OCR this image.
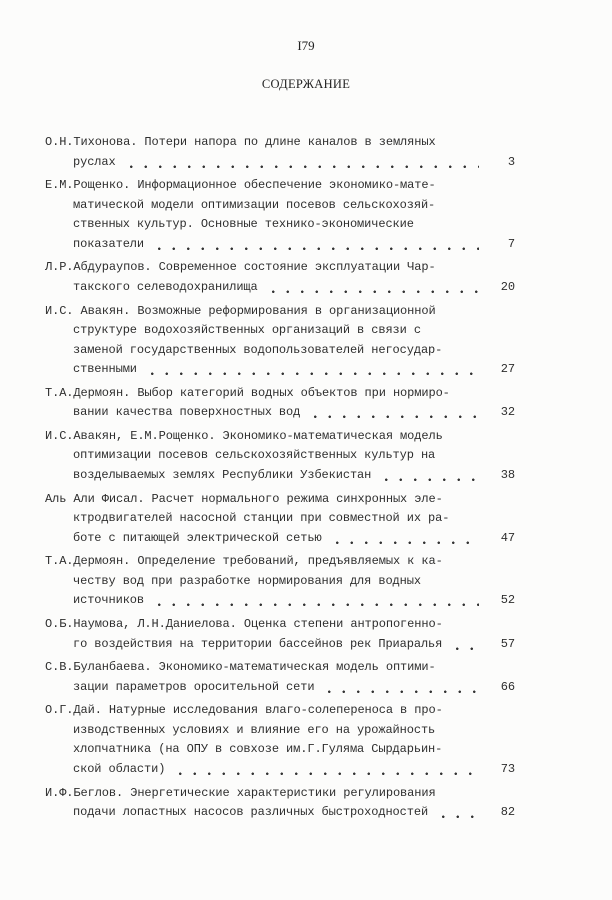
I79
СОДЕРЖАНИЕ
О.Н.Тихонова. Потери напора по длине каналов в земляных
руслах	3
Е.М.Рощенко. Информационное обеспечение экономико-мате-
матической модели оптимизации посевов сельскохозяй-
ственных культур. Основные технико-экономические
показатели	7
Л.Р.Абдураупов. Современное состояние эксплуатации Чар-
такского селеводохранилища	20
И.С. Авакян. Возможные реформирования в организационной
структуре водохозяйственных организаций в связи с
заменой государственных водопользователей негосудар-
ственными	27
Т.А.Дермоян. Выбор категорий водных объектов при нормиро-
вании качества поверхностных вод	32
И.С.Авакян, Е.М.Рощенко. Экономико-математическая модель
оптимизации посевов сельскохозяйственных культур на
возделываемых землях Республики Узбекистан	38
Аль Али Фисал. Расчет нормального режима синхронных эле-
ктродвигателей насосной станции при совместной их ра-
боте с питающей электрической сетью	47
Т.А.Дермоян. Определение требований, предъявляемых к ка-
честву вод при разработке нормирования для водных
источников	52
О.Б.Наумова, Л.Н.Даниелова. Оценка степени антропогенно-
го воздействия на территории бассейнов рек Приаралья	57
С.В.Буланбаева. Экономико-математическая модель оптими-
зации параметров оросительной сети	66
О.Г.Дай. Натурные исследования влаго-солепереноса в про-
изводственных условиях и влияние его на урожайность
хлопчатника (на ОПУ в совхозе им.Г.Гуляма Сырдарьин-
ской области)	73
И.Ф.Беглов. Энергетические характеристики регулирования
подачи лопастных насосов различных быстроходностей	82
